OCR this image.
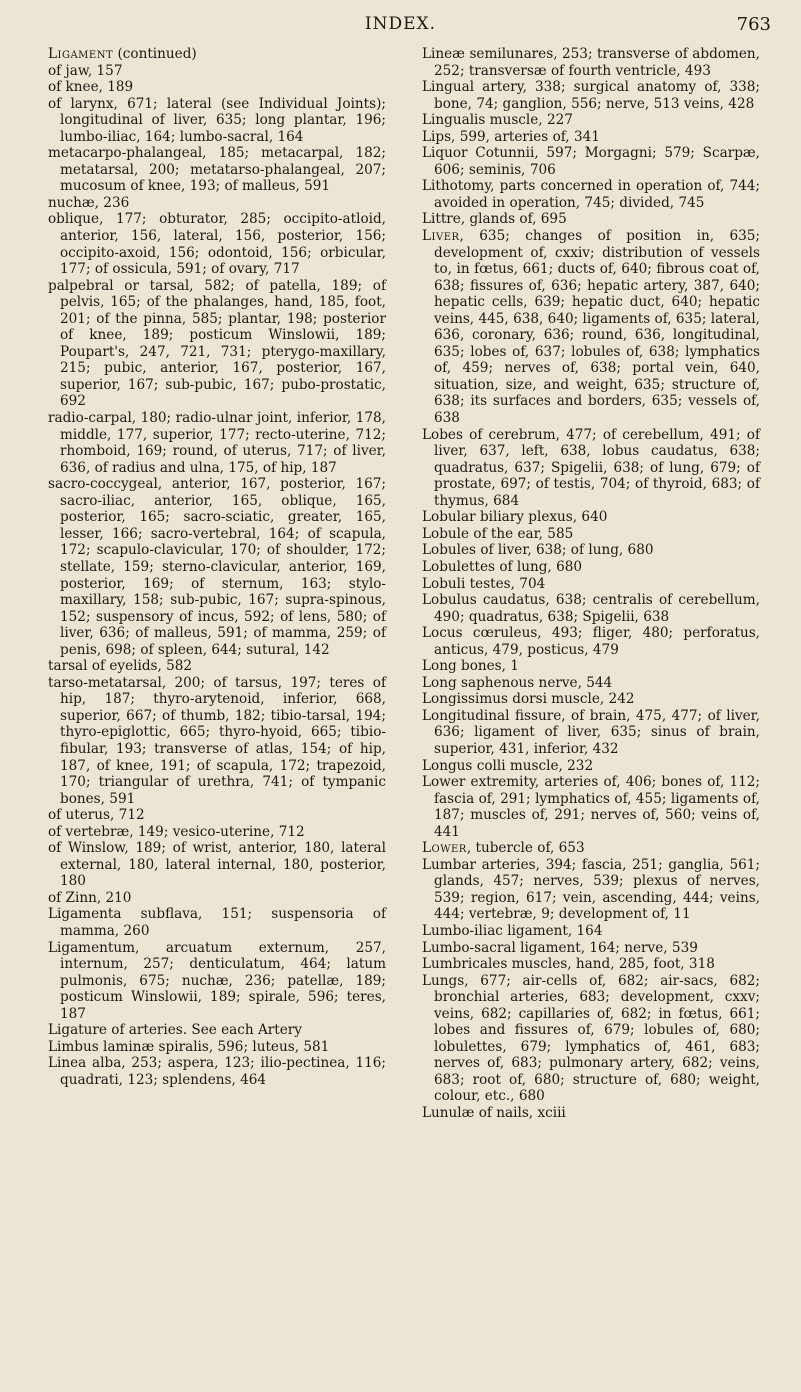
INDEX.	763
Ligament (continued)
of jaw, 157
of knee, 189
of larynx, 671; lateral (see Individual Joints); longitudinal of liver, 635; long plantar, 196; lumbo-iliac, 164; lumbo-sacral, 164
metacarpo-phalangeal, 185; metacarpal, 182; metatarsal, 200; metatarso-phalangeal, 207; mucosum of knee, 193; of malleus, 591
nuchæ, 236
oblique, 177; obturator, 285; occipito-atloid, anterior, 156, lateral, 156, posterior, 156; occipito-axoid, 156; odontoid, 156; orbicular, 177; of ossicula, 591; of ovary, 717
palpebral or tarsal, 582; of patella, 189; of pelvis, 165; of the phalanges, hand, 185, foot, 201; of the pinna, 585; plantar, 198; posterior of knee, 189; posticum Winslowii, 189; Poupart's, 247, 721, 731; pterygo-maxillary, 215; pubic, anterior, 167, posterior, 167, superior, 167; sub-pubic, 167; pubo-prostatic, 692
radio-carpal, 180; radio-ulnar joint, inferior, 178, middle, 177, superior, 177; recto-uterine, 712; rhomboid, 169; round, of uterus, 717; of liver, 636, of radius and ulna, 175, of hip, 187
sacro-coccygeal, anterior, 167, posterior, 167; sacro-iliac, anterior, 165, oblique, 165, posterior, 165; sacro-sciatic, greater, 165, lesser, 166; sacro-vertebral, 164; of scapula, 172; scapulo-clavicular, 170; of shoulder, 172; stellate, 159; sterno-clavicular, anterior, 169, posterior, 169; of sternum, 163; stylo-maxillary, 158; sub-pubic, 167; supra-spinous, 152; suspensory of incus, 592; of lens, 580; of liver, 636; of malleus, 591; of mamma, 259; of penis, 698; of spleen, 644; sutural, 142
tarsal of eyelids, 582
tarso-metatarsal, 200; of tarsus, 197; teres of hip, 187; thyro-arytenoid, inferior, 668, superior, 667; of thumb, 182; tibio-tarsal, 194; thyro-epiglottic, 665; thyro-hyoid, 665; tibio-fibular, 193; transverse of atlas, 154; of hip, 187, of knee, 191; of scapula, 172; trapezoid, 170; triangular of urethra, 741; of tympanic bones, 591
of uterus, 712
of vertebræ, 149; vesico-uterine, 712
of Winslow, 189; of wrist, anterior, 180, lateral external, 180, lateral internal, 180, posterior, 180
of Zinn, 210
Ligamenta subflava, 151; suspensoria of mamma, 260
Ligamentum, arcuatum externum, 257, internum, 257; denticulatum, 464; latum pulmonis, 675; nuchæ, 236; patellæ, 189; posticum Winslowii, 189; spirale, 596; teres, 187
Ligature of arteries. See each Artery
Limbus laminæ spiralis, 596; luteus, 581
Linea alba, 253; aspera, 123; ilio-pectinea, 116; quadrati, 123; splendens, 464
Lineæ semilunares, 253; transverse of abdomen, 252; transversæ of fourth ventricle, 493
Lingual artery, 338; surgical anatomy of, 338; bone, 74; ganglion, 556; nerve, 513 veins, 428
Lingualis muscle, 227
Lips, 599, arteries of, 341
Liquor Cotunnii, 597; Morgagni; 579; Scarpæ, 606; seminis, 706
Lithotomy, parts concerned in operation of, 744; avoided in operation, 745; divided, 745
Littre, glands of, 695
Liver, 635; changes of position in, 635; development of, cxxiv; distribution of vessels to, in fœtus, 661; ducts of, 640; fibrous coat of, 638; fissures of, 636; hepatic artery, 387, 640; hepatic cells, 639; hepatic duct, 640; hepatic veins, 445, 638, 640; ligaments of, 635; lateral, 636, coronary, 636; round, 636, longitudinal, 635; lobes of, 637; lobules of, 638; lymphatics of, 459; nerves of, 638; portal vein, 640, situation, size, and weight, 635; structure of, 638; its surfaces and borders, 635; vessels of, 638
Lobes of cerebrum, 477; of cerebellum, 491; of liver, 637, left, 638, lobus caudatus, 638; quadratus, 637; Spigelii, 638; of lung, 679; of prostate, 697; of testis, 704; of thyroid, 683; of thymus, 684
Lobular biliary plexus, 640
Lobule of the ear, 585
Lobules of liver, 638; of lung, 680
Lobulettes of lung, 680
Lobuli testes, 704
Lobulus caudatus, 638; centralis of cerebellum, 490; quadratus, 638; Spigelii, 638
Locus cœruleus, 493; fliger, 480; perforatus, anticus, 479, posticus, 479
Long bones, 1
Long saphenous nerve, 544
Longissimus dorsi muscle, 242
Longitudinal fissure, of brain, 475, 477; of liver, 636; ligament of liver, 635; sinus of brain, superior, 431, inferior, 432
Longus colli muscle, 232
Lower extremity, arteries of, 406; bones of, 112; fascia of, 291; lymphatics of, 455; ligaments of, 187; muscles of, 291; nerves of, 560; veins of, 441
Lower, tubercle of, 653
Lumbar arteries, 394; fascia, 251; ganglia, 561; glands, 457; nerves, 539; plexus of nerves, 539; region, 617; vein, ascending, 444; veins, 444; vertebræ, 9; development of, 11
Lumbo-iliac ligament, 164
Lumbo-sacral ligament, 164; nerve, 539
Lumbricales muscles, hand, 285, foot, 318
Lungs, 677; air-cells of, 682; air-sacs, 682; bronchial arteries, 683; development, cxxv; veins, 682; capillaries of, 682; in fœtus, 661; lobes and fissures of, 679; lobules of, 680; lobulettes, 679; lymphatics of, 461, 683; nerves of, 683; pulmonary artery, 682; veins, 683; root of, 680; structure of, 680; weight, colour, etc., 680
Lunulæ of nails, xciii
